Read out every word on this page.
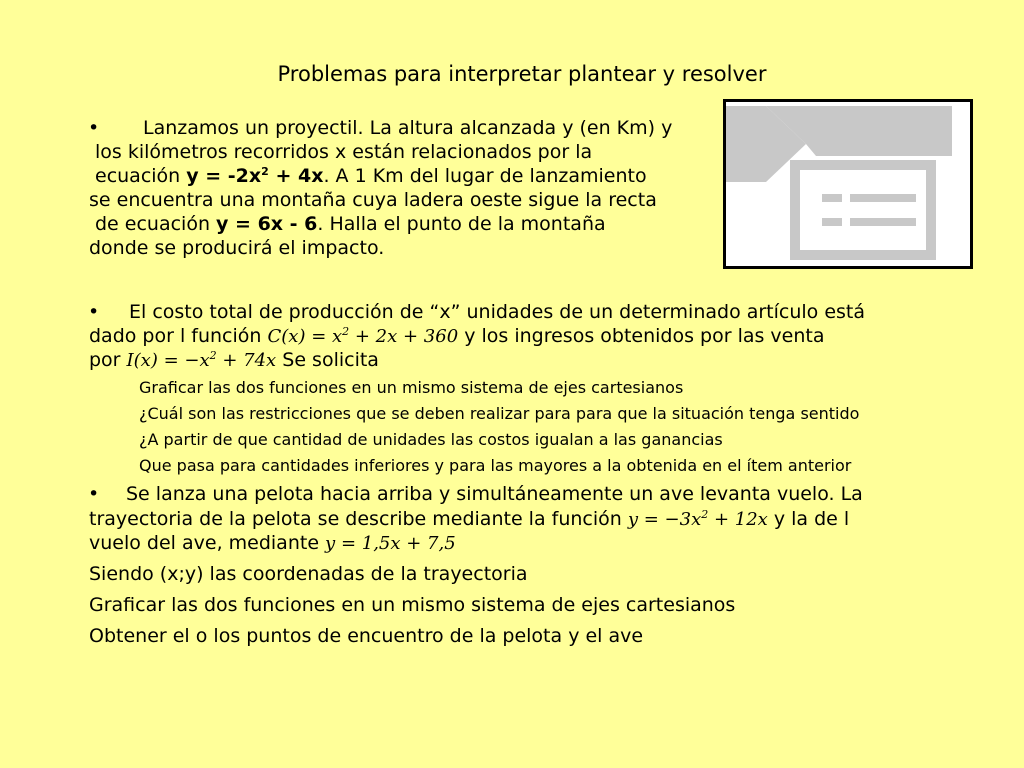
Problemas para interpretar plantear y resolver
• Lanzamos un proyectil. La altura alcanzada y (en Km) y
los kilómetros recorridos x están relacionados por la
ecuación $y = -2x^2 + 4x$. A 1 Km del lugar de lanzamiento
se encuentra una montaña cuya ladera oeste sigue la recta
de ecuación y = 6x - 6. Halla el punto de la montaña
donde se producirá el impacto.
• El costo total de producción de “x” unidades de un determinado artículo está
dado por l función $C(x) = x^2 + 2x + 360$ y los ingresos obtenidos por las venta
por $I(x) = -x^2 + 74x$ Se solicita
Graficar las dos funciones en un mismo sistema de ejes cartesianos
¿Cuál son las restricciones que se deben realizar para para que la situación tenga sentido
¿A partir de que cantidad de unidades las costos igualan a las ganancias
Que pasa para cantidades inferiores y para las mayores a la obtenida en el ítem anterior
• Se lanza una pelota hacia arriba y simultáneamente un ave levanta vuelo. La
trayectoria de la pelota se describe mediante la función $y = -3x^2 + 12x$ y la de l
vuelo del ave, mediante y = 1,5x + 7,5
Siendo (x;y) las coordenadas de la trayectoria
Graficar las dos funciones en un mismo sistema de ejes cartesianos
Obtener el o los puntos de encuentro de la pelota y el ave
